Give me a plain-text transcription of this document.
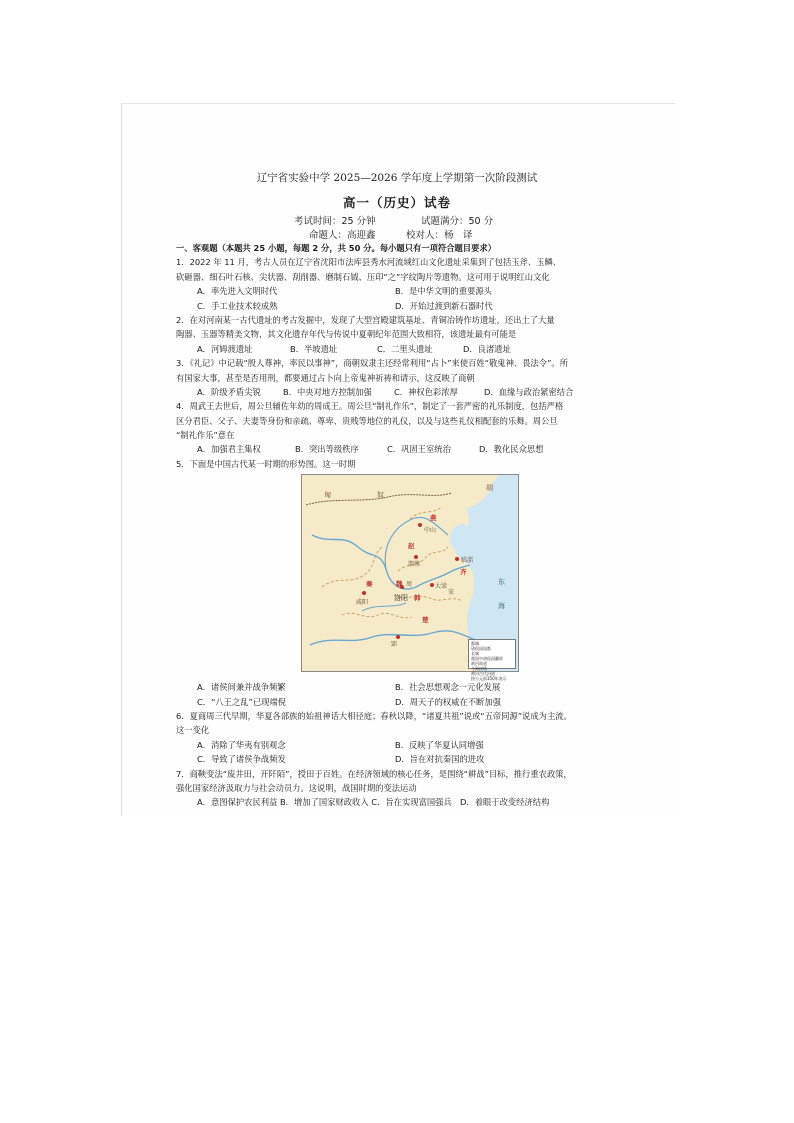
辽宁省实验中学 2025—2026 学年度上学期第一次阶段测试
高一（历史）试卷
考试时间：25 分钟	试题满分：50 分
命题人：高迎鑫	校对人：杨　译
一、客观题（本题共 25 小题，每题 2 分，共 50 分。每小题只有一项符合题目要求）
1．2022 年 11 月，考古人员在辽宁省沈阳市法库县秀水河流域红山文化遗址采集到了包括玉斧、玉鳞、
砍砸器、细石叶石核、尖状器、刮削器、磨制石钺、压印“之”字纹陶片等遗物。这可用于说明红山文化
A．率先进入文明时代	B．是中华文明的重要源头
C．手工业技术较成熟	D．开始过渡到新石器时代
2．在对河南某一古代遗址的考古发掘中，发现了大型宫殿建筑基址、青铜冶铸作坊遗址，还出土了大量
陶器、玉器等精美文物，其文化遗存年代与传说中夏朝纪年范围大致相符，该遗址最有可能是
A．河姆渡遗址	B．半坡遗址	C．二里头遗址	D．良渚遗址
3．《礼记》中记载“殷人尊神，率民以事神”，商朝奴隶主还经常利用“占卜”来使百姓“敬鬼神、畏法令”。所
有国家大事，甚至是否用刑，都要通过占卜向上帝鬼神祈祷和请示，这反映了商朝
A．阶级矛盾尖锐	B．中央对地方控制加强	C．神权色彩浓厚	D．血缘与政治紧密结合
4．周武王去世后，周公旦辅佐年幼的周成王。周公旦“制礼作乐”，制定了一套严密的礼乐制度，包括严格
区分君臣、父子、夫妻等身份和亲疏、尊卑、贵贱等地位的礼仪，以及与这些礼仪相配套的乐舞。周公旦
“制礼作乐”意在
A．加强君主集权	B．突出等级秩序	C．巩固王室统治	D．教化民众思想
5．下面是中国古代某一时期的形势图。这一时期
A．诸侯间兼并战争频繁	B．社会思想观念一元化发展
C．“八王之乱”已现端倪	D．周天子的权威在不断加强
6．夏商周三代早期，华夏各部族的始祖神话大相径庭；春秋以降，“诸夏共祖”说或“五帝同源”说成为主流。
这一变化
A．消除了华夷有别观念	B．反映了华夏认同增强
C．导致了诸侯争战频发	D．旨在对抗秦国的进攻
7．商鞅变法“废井田，开阡陌”，授田于百姓。在经济领域的核心任务，是围绕“耕战”目标，推行重农政策，
强化国家经济汲取力与社会动员力。这说明，战国时期的变法运动
A．意图保护农民利益 B．增加了国家财政收入 C．旨在实现富国强兵　D．着眼于改变经济结构
匈	奴
胡
燕
中山
赵
邯郸
临淄
齐
魏	大梁
韩
洛阳
咸阳
秦
楚
郢
宋
周	东
海
都城
诸侯国国都
长城
战国中诸侯国疆界
黄河故道
今海岸线
黄河古代河道
按公元前350年表示
